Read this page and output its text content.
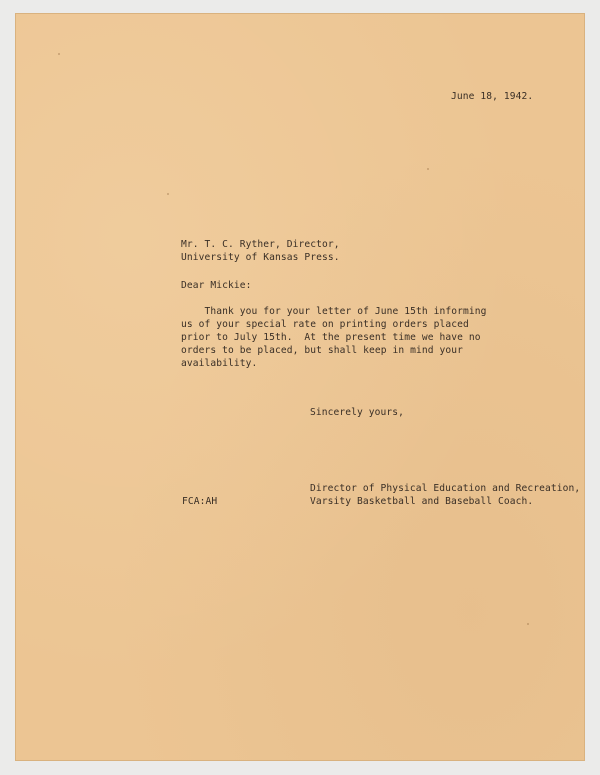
June 18, 1942.

Mr. T. C. Ryther, Director,
University of Kansas Press.

Dear Mickie:

Thank you for your letter of June 15th informing
us of your special rate on printing orders placed
prior to July 15th.  At the present time we have no
orders to be placed, but shall keep in mind your
availability.

Sincerely yours,

Director of Physical Education and Recreation,
Varsity Basketball and Baseball Coach.

FCA:AH
